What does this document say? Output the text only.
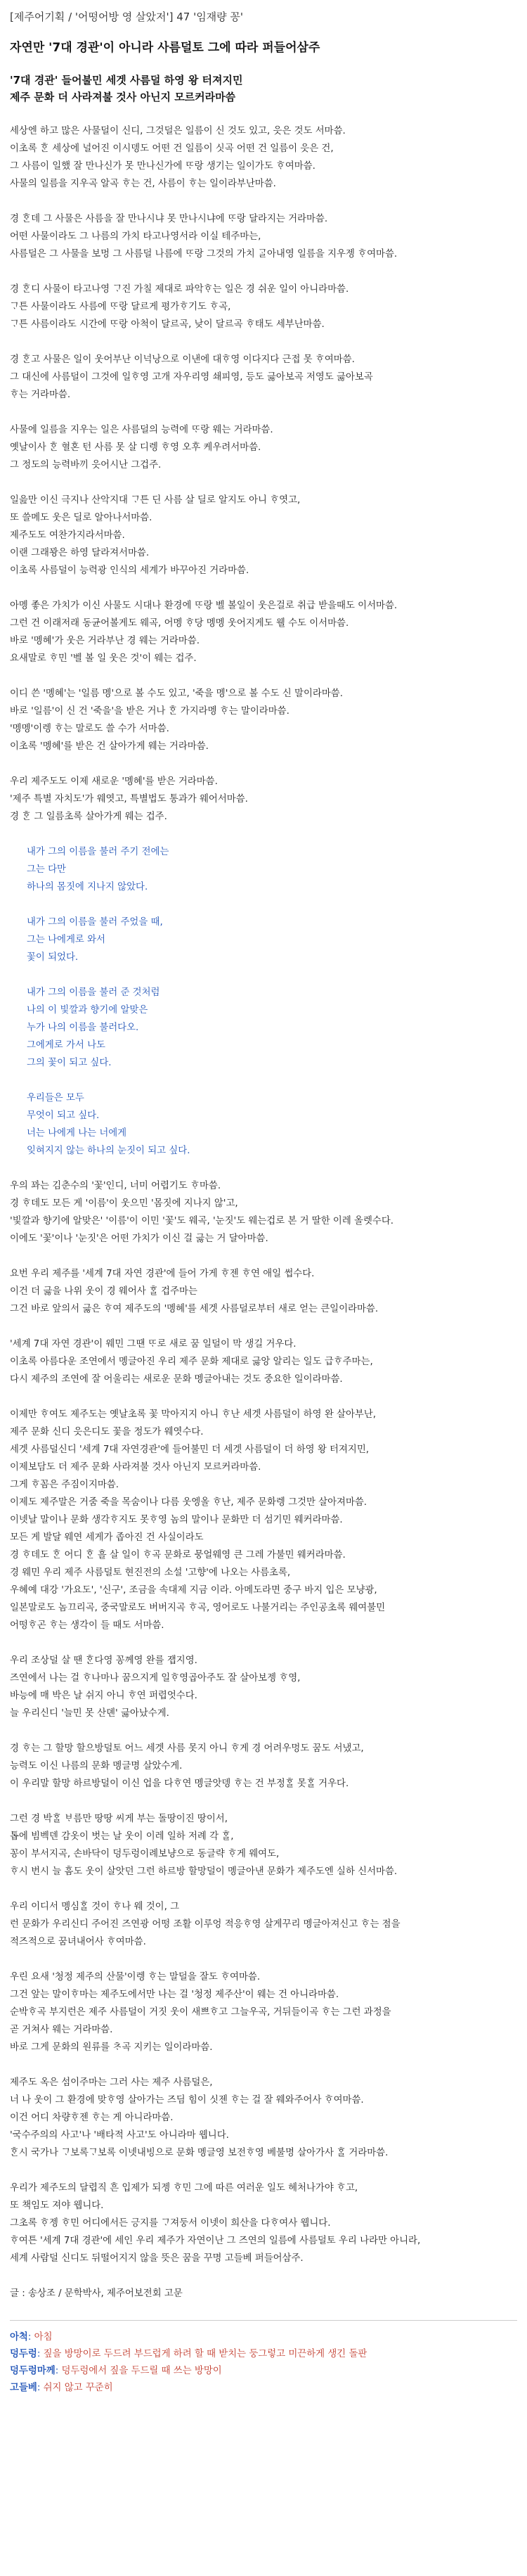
[제주어기획 / '어떵어방 영 살았저'] 47 '임재량 꽁'
자연만 '7대 경관'이 아니라 사름덜토 그에 따라 퍼들어삼주
'7대 경관' 들어불민 세겟 사름덜 하영 왕 터져지민
제주 문화 더 사라져불 것사 아닌지 모르커라마씀

세상엔 하고 많은 사물덜이 신디, 그것덜은 일름이 신 것도 있고, 읏은 것도 서마씀.
이초록 ᄒᆞᆫ 세상에 널어진 이시뎅도 어떤 건 일름이 싯곡 어떤 건 일름이 읏은 건,
그 사름이 일했 잘 만나신가 못 만나신가에 ᄄᆞ랑 생기는 일이가도 ᄒᆞ여마씀.
사물의 일름을 지우곡 알곡 ᄒᆞ는 건, 사름이 ᄒᆞ는 일이라부난마씀.

경 ᄒᆞᆫ데 그 사물은 사름을 잘 만나시냐 못 만나시냐에 ᄄᆞ랑 달라지는 거라마씀.
어떤 사물이라도 그 나름의 가치 타고나영서라 이실 테주마는,
사름덜은 그 사물을 보멍 그 사름덜 나름에 ᄄᆞ랑 그것의 가치 ᄀᆞᆯ아내영 일름을 지우젱 ᄒᆞ여마씀.

경 ᄒᆞᆫ디 사물이 타고나영 ᄀᆞ진 가칠 제대로 파악ᄒᆞ는 일은 경 쉬운 일이 아니라마씀.
ᄀᆞ튼 사물이라도 사름에 ᄄᆞ랑 달르게 평가ᄒᆞ기도 ᄒᆞ곡,
ᄀᆞ튼 사름이라도 시간에 ᄄᆞ랑 아척이 달르곡, 낮이 달르곡 ᄒᆞ태도 세부난마씀.

경 ᄒᆞᆫ고 사물은 일이 웃어부난 이넉낭으로 이낸에 대ᄒᆞ영 이다지다 근접 못 ᄒᆞ여마씀.
그 대신에 사름덜이 그것에 일ᄒᆞ영 고개 자우리영 쇄피영, 등도 긇아보곡 저영도 긇아보곡
ᄒᆞ는 거라마씀.

사물에 일름을 지우는 일은 사름덜의 능력에 ᄄᆞ랑 웨는 거라마씀.
옛날이사 ᄒᆞᆫ 혈혼 턴 사름 못 살 디렝 ᄒᆞ영 오후 케우려서마씀.
그 정도의 능력바끼 읏어시난 그겁주.

일읊만 이신 극지나 산악지대 ᄀᆞ튼 딘 사름 살 딜로 알지도 아니 ᄒᆞ엿고,
또 쓸메도 웃은 딜로 알아나서마씀.
제주도도 여찬가지라서마씀.
이랜 그래꽝은 하영 달라져서마씀.
이초록 사름덜이 능력광 인식의 세계가 바꾸아진 거라마씀.

아멩 좋은 가치가 이신 사물도 시대나 환경에 ᄄᆞ랑 벨 볼일이 웃은걸로 취급 받을때도 이서마씀.
그런 건 이래저래 동균어볼게도 웨곡, 어멩 ᄒᆞ당 멩멩 웃어지게도 웰 수도 이서마씀.
바로 '멩혜'가 웃은 거라부난 경 웨는 거라마씀.
요새말로 ᄒᆞ민 '벨 볼 일 웃은 것'이 웨는 겁주.

이디 쓴 '멩혜'는 '일름 멩'으로 볼 수도 있고, '죽을 멩'으로 볼 수도 신 말이라마씀.
바로 '일름'이 신 건 '죽을'을 받은 거나 ᄒᆞᆫ 가지라멩 ᄒᆞ는 말이라마씀.
'멩멩'이렝 ᄒᆞ는 말로도 쓸 수가 서마씀.
이초록 '멩혜'를 받은 건 살아가게 웨는 거라마씀.

우리 제주도도 이제 새로운 '멩혜'를 받은 거라마씀.
'제주 특별 자치도'가 웨엿고, 특별법도 통과가 웨어서마씀.
경 ᄒᆞᆫ 그 일름초록 살아가게 웨는 겁주.

내가 그의 이름을 불러 주기 전에는
그는 다만
하나의 몸짓에 지나지 않았다.

내가 그의 이름을 불러 주었을 때,
그는 나에게로 와서
꽃이 되었다.

내가 그의 이름을 불러 준 것처럼
나의 이 빛깔과 향기에 알맞은
누가 나의 이름을 불러다오.
그에게로 가서 나도
그의 꽃이 되고 싶다.

우리들은 모두
무엇이 되고 싶다.
너는 나에게 나는 너에게
잊혀지지 않는 하나의 눈짓이 되고 싶다.

우의 꽈는 김춘수의 '꽃'인디, 너미 어렵기도 ᄒᆞ마씀.
경 ᄒᆞ데도 모든 게 '이름'이 웃으민 '몸짓에 지나지 않'고,
'빛깔과 향기에 알맞은' '이름'이 이민 '꽃'도 웨곡, '눈짓'도 웨는겁로 본 거 딸한 이레 올렛수다.
이에도 '꽃'이나 '눈짓'은 어떤 가치가 이신 걸 긇는 거 달아마씀.

요번 우리 제주를 '세계 7대 자연 경관'에 들어 가게 ᄒᆞ젠 ᄒᆞ연 애일 썹수다.
이건 더 긇을 나위 웃이 경 웨어사 ᄒᆞᆯ 겁주마는
그건 바로 앞의서 긇은 ᄒᆞ여 제주도의 '멩혜'를 세겟 사름덜로부터 새로 얻는 큰일이라마씀.

'세계 7대 자연 경관'이 웨민 그땐 ᄄᆞ로 새로 꿈 일덜이 막 생길 거우다.
이초록 아름다운 조연에서 멩글아진 우리 제주 문화 제대로 긇앙 알리는 일도 급ᄒᆞ주마는,
다시 제주의 조연에 잘 어울리는 새로운 문화 멩글아내는 것도 중요한 일이라마씀.

이제만 ᄒᆞ여도 제주도는 옛날초록 꽃 막아지지 아니 ᄒᆞ난 세겟 사름덜이 하영 완 살아부난,
제주 문화 신디 읏은디도 꽃을 정도가 웨엿수다.
세겟 사름덜신디 '세계 7대 자연경관'에 들어불민 더 세겟 사름덜이 더 하영 왕 터져지민,
이제보담도 더 제주 문화 사라져불 것사 아닌지 모르커라마씀.
그게 ᄒᆞ꼼은 주짐이지마씀.
이제도 제주말은 거줌 죽을 목숨이나 다름 웃엥올 ᄒᆞ난, 제주 문화렝 그것만 살아져마씀.
이넷날 말이나 문화 생각ᄒᆞ지도 못ᄒᆞ영 놈의 말이나 문화만 더 섬기민 웨커라마씀.
모든 게 발달 웨연 세게가 좁아진 건 사실이라도
경 ᄒᆞ데도 ᄒᆞᆫ 어디 ᄒᆞᆫ 흘 살 일이 ᄒᆞ곡 문화로 뭉얼웨영 큰 그레 가불민 웨커라마씀.
경 웨민 우리 제주 사름덜토 현진전의 소설 '고향'에 나오는 사름초록,
우혜예 대강 '가요도', '신구', 조금을 속대제 지금 이라. 아메도라면 중구 바지 입은 모냥광,
일본말로도 놈끄리곡, 중국말로도 버버지곡 ᄒᆞ곡, 영어로도 나불거리는 주인공초록 웨여불민
어떵ᄒᆞ곤 ᄒᆞ는 생각이 들 때도 서마씀.

우리 조상덜 살 땐 ᄒᆞᆫ다영 꽁께영 완를 잽지영.
즈연에서 나는 걸 ᄒᆞ나마나 꿈으지게 일ᄒᆞ영곱아주도 잘 살아보젱 ᄒᆞ영,
바능에 매 박은 날 쉬지 아니 ᄒᆞ연 퍼렵엇수다.
늘 우리신디 '늘민 못 산뎬' 긇아났수게.

경 ᄒᆞ는 그 할망 할으방덜토 어느 세겟 사름 못지 아니 ᄒᆞ게 경 어려우멍도 꿈도 서냈고,
능력도 이신 나름의 문화 멩글명 살았수게.
이 우리말 할망 하르방덜이 이신 업을 다ᄒᆞ연 멩글앗뎅 ᄒᆞ는 건 부정ᄒᆞᆯ 못ᄒᆞᆯ 거우다.

그런 경 박ᄒᆞᆯ ᄇᆞ름만 땅땅 씨게 부는 돌땅이진 땅이서,
톱에 빔벡덴 감옷이 벗는 날 웃이 이레 일하 저례 각 ᄒᆞᆯ,
꽁이 부서지곡, 손바닥이 덩두렁이례보냥으로 동글략 ᄒᆞ게 웨여도,
ᄒᆞ시 번시 늘 흠도 웃이 살앗던 그런 하르방 할망덜이 멩글아낸 문화가 제주도엔 실하 신서마씀.

우리 이디서 멩심ᄒᆞᆯ 것이 ᄒᆞ나 웨 것이, 그
런 문화가 우리신디 주어진 즈연광 어떵 조활 이루엉 적응ᄒᆞ영 살게꾸리 멩글아져신고 ᄒᆞ는 점을
적즈적으로 꿈녀내어사 ᄒᆞ여마씀.

우린 요새 '청정 제주의 산물'이렝 ᄒᆞ는 말덜을 잘도 ᄒᆞ여마씀.
그건 앞는 말이ᄒᆞ마는 제주도에서만 나는 걸 '청정 제주산'이 웨는 건 아니라마씀.
순박ᄒᆞ곡 부지런은 제주 사름덜이 거짓 웃이 새쁘ᄒᆞ고 그늘우곡, 거뒤들이곡 ᄒᆞ는 그런 과정을
곧 거쳐사 웨는 거라마씀.
바로 그게 문화의 원류를 ᄎᆞ곡 지키는 일이라마씀.

제주도 옥은 섬이주마는 그러 사는 제주 사름덜은,
너 나 웃이 그 환경에 맞ᄒᆞ영 살아가는 즈딤 힘이 싯젠 ᄒᆞ는 걸 잘 웨와주어사 ᄒᆞ여마씀.
이건 어디 차량ᄒᆞ젠 ᄒᆞ는 게 아니라마씀.
'국수주의의 사고'나 '배타적 사고'도 아니라마 웹니다.
ᄒᆞᆫ시 국가나 ᄀᆞ보록ᄀᆞ보록 이넷내빙으로 문화 멩글영 보전ᄒᆞ영 베불명 살아가사 ᄒᆞᆯ 거라마씀.

우리가 제주도의 달렵직 흔 입제가 되젱 ᄒᆞ민 그에 따른 여러운 일도 헤처나가야 ᄒᆞ고,
또 책임도 져야 웹니다.
그초록 ᄒᆞ젱 ᄒᆞ민 어디에서든 긍지를 ᄀᆞ져둥서 이넷이 희산을 다ᄒᆞ여사 웹니다.
ᄒᆞ여튼 '세계 7대 경관'에 세인 우리 제주가 자연이난 그 즈연의 일름에 사름덜토 우리 나라만 아니라,
세계 사람덜 신디도 뒤떨어지지 않을 뜻은 꿈을 꾸명 고들베 퍼들어삼주.

글 : 송상조 / 문학박사, 제주어보전회 고문

아척: 아침
덩두렁: 짚을 방망이로 두드려 부드럽게 하려 할 때 받치는 둥그렇고 미끈하게 생긴 돌판
덩두렁마께: 덩두렁에서 짚을 두드릴 때 쓰는 방망이
고들베: 쉬지 않고 꾸준히
